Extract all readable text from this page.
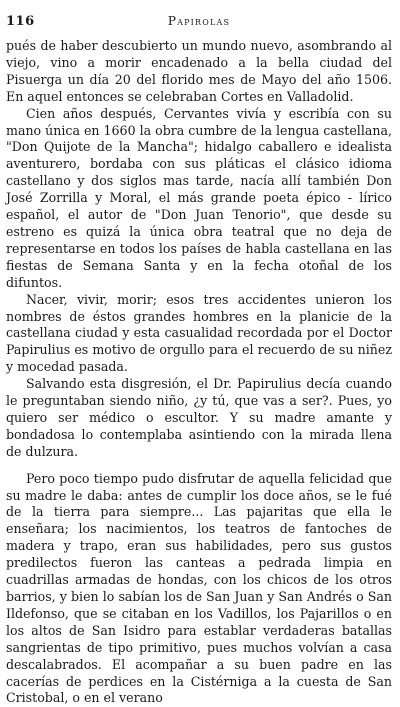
116	Papirolas

pués de haber descubierto un mundo nuevo, asombrando al viejo, vino a morir encadenado a la bella ciudad del Pisuerga un día 20 del florido mes de Mayo del año 1506. En aquel entonces se celebraban Cortes en Valladolid.

Cien años después, Cervantes vivía y escribía con su mano única en 1660 la obra cumbre de la lengua castellana, "Don Quijote de la Mancha"; hidalgo caballero e idealista aventurero, bordaba con sus pláticas el clásico idioma castellano y dos siglos mas tarde, nacía allí también Don José Zorrilla y Moral, el más grande poeta épico - lírico español, el autor de "Don Juan Tenorio", que desde su estreno es quizá la única obra teatral que no deja de representarse en todos los países de habla castellana en las fiestas de Semana Santa y en la fecha otoñal de los difuntos.

Nacer, vivir, morir; esos tres accidentes unieron los nombres de éstos grandes hombres en la planicie de la castellana ciudad y esta casualidad recordada por el Doctor Papirulius es motivo de orgullo para el recuerdo de su niñez y mocedad pasada.

Salvando esta disgresión, el Dr. Papirulius decía cuando le preguntaban siendo niño, ¿y tú, que vas a ser?. Pues, yo quiero ser médico o escultor. Y su madre amante y bondadosa lo contemplaba asintiendo con la mirada llena de dulzura.

Pero poco tiempo pudo disfrutar de aquella felicidad que su madre le daba: antes de cumplir los doce años, se le fué de la tierra para siempre... Las pajaritas que ella le enseñara; los nacimientos, los teatros de fantoches de madera y trapo, eran sus habilidades, pero sus gustos predilectos fueron las canteas a pedrada limpia en cuadrillas armadas de hondas, con los chicos de los otros barrios, y bien lo sabían los de San Juan y San Andrés o San Ildefonso, que se citaban en los Vadillos, los Pajarillos o en los altos de San Isidro para establar verdaderas batallas sangrientas de tipo primitivo, pues muchos volvían a casa descalabrados. El acompañar a su buen padre en las cacerías de perdices en la Cistérniga a la cuesta de San Cristobal, o en el verano
